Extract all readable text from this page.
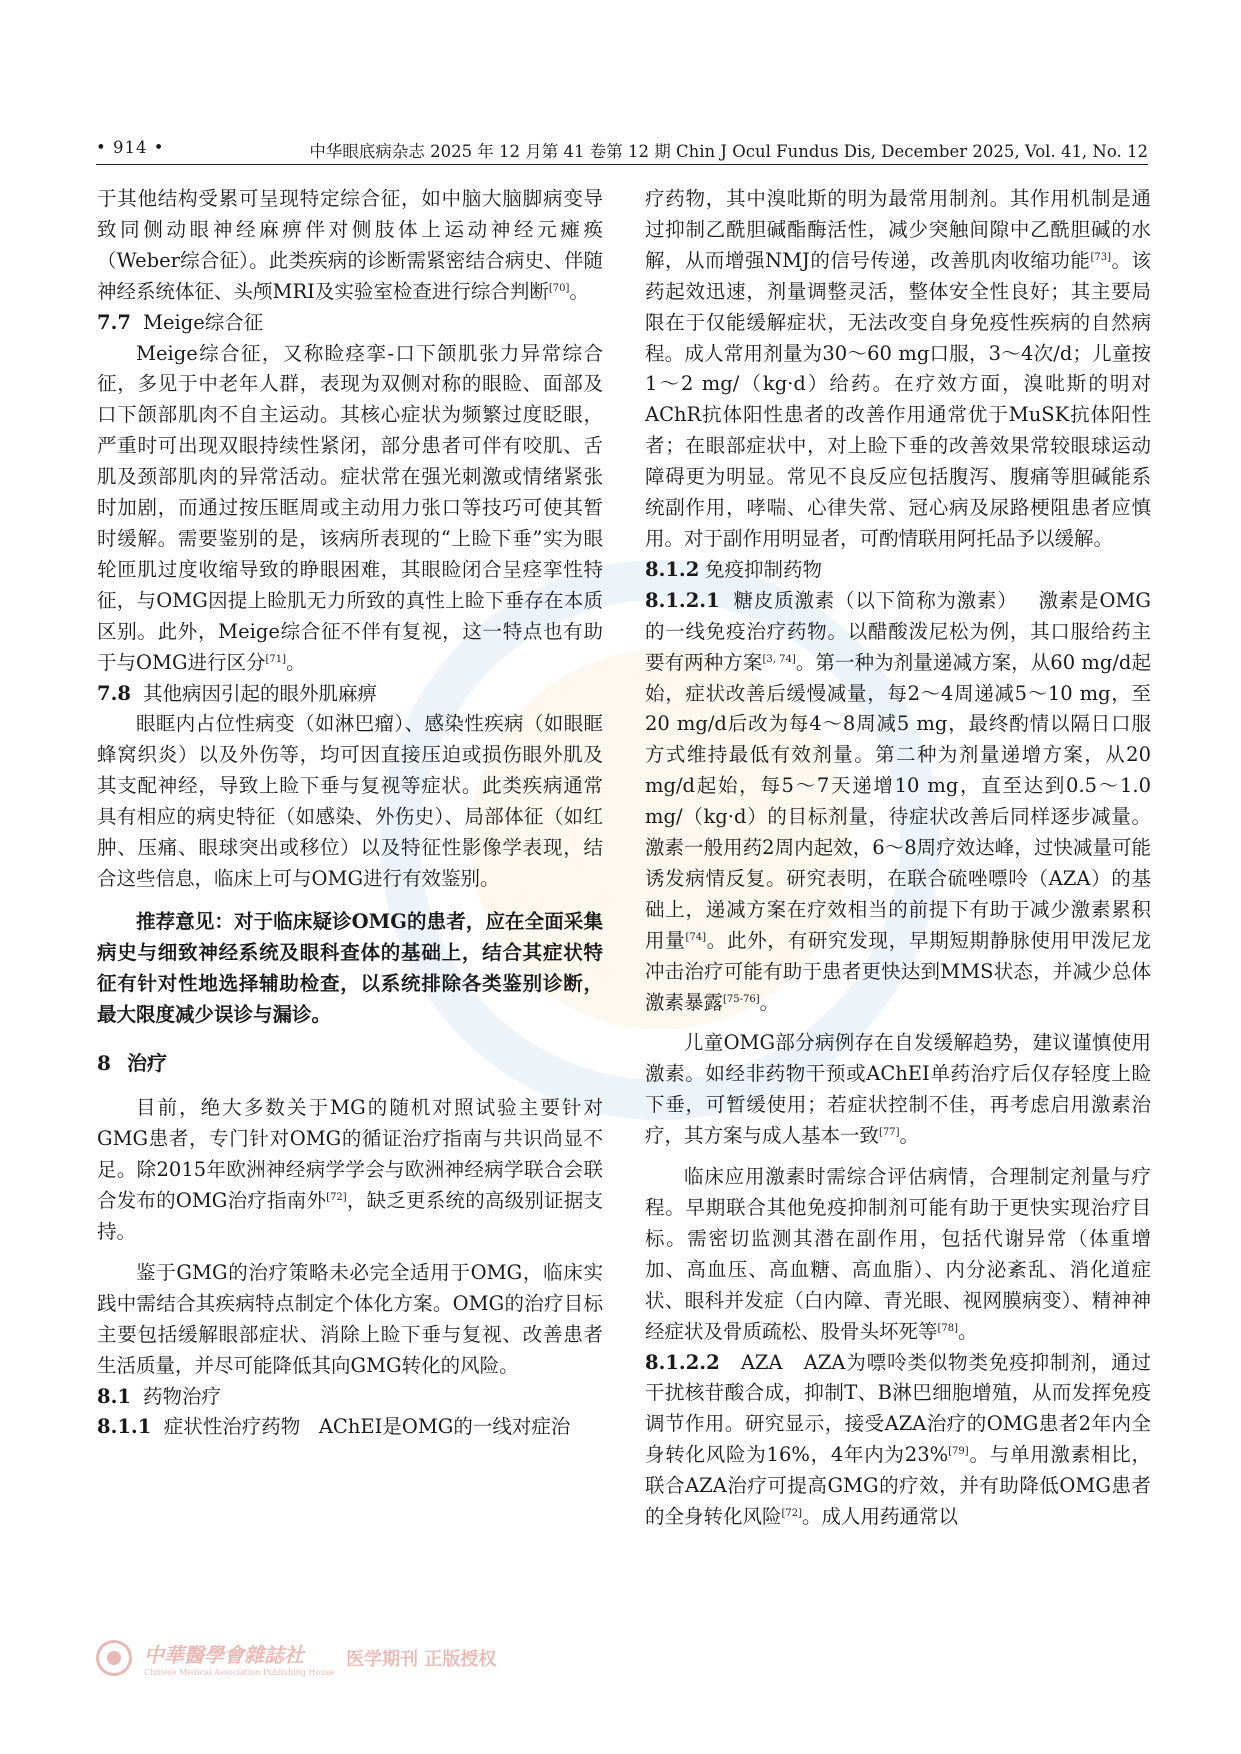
• 914 •	中华眼底病杂志 2025 年 12 月第 41 卷第 12 期 Chin J Ocul Fundus Dis, December 2025, Vol. 41, No. 12

于其他结构受累可呈现特定综合征，如中脑大脑脚病变导致同侧动眼神经麻痹伴对侧肢体上运动神经元瘫痪（Weber综合征）。此类疾病的诊断需紧密结合病史、伴随神经系统体征、头颅MRI及实验室检查进行综合判断[70]。

7.7 Meige综合征

Meige综合征，又称睑痉挛-口下颌肌张力异常综合征，多见于中老年人群，表现为双侧对称的眼睑、面部及口下颌部肌肉不自主运动。其核心症状为频繁过度眨眼，严重时可出现双眼持续性紧闭，部分患者可伴有咬肌、舌肌及颈部肌肉的异常活动。症状常在强光刺激或情绪紧张时加剧，而通过按压眶周或主动用力张口等技巧可使其暂时缓解。需要鉴别的是，该病所表现的“上睑下垂”实为眼轮匝肌过度收缩导致的睁眼困难，其眼睑闭合呈痉挛性特征，与OMG因提上睑肌无力所致的真性上睑下垂存在本质区别。此外，Meige综合征不伴有复视，这一特点也有助于与OMG进行区分[71]。

7.8 其他病因引起的眼外肌麻痹

眼眶内占位性病变（如淋巴瘤）、感染性疾病（如眼眶蜂窝织炎）以及外伤等，均可因直接压迫或损伤眼外肌及其支配神经，导致上睑下垂与复视等症状。此类疾病通常具有相应的病史特征（如感染、外伤史）、局部体征（如红肿、压痛、眼球突出或移位）以及特征性影像学表现，结合这些信息，临床上可与OMG进行有效鉴别。

推荐意见：对于临床疑诊OMG的患者，应在全面采集病史与细致神经系统及眼科查体的基础上，结合其症状特征有针对性地选择辅助检查，以系统排除各类鉴别诊断，最大限度减少误诊与漏诊。

8 治疗

目前，绝大多数关于MG的随机对照试验主要针对GMG患者，专门针对OMG的循证治疗指南与共识尚显不足。除2015年欧洲神经病学学会与欧洲神经病学联合会联合发布的OMG治疗指南外[72]，缺乏更系统的高级别证据支持。

鉴于GMG的治疗策略未必完全适用于OMG，临床实践中需结合其疾病特点制定个体化方案。OMG的治疗目标主要包括缓解眼部症状、消除上睑下垂与复视、改善患者生活质量，并尽可能降低其向GMG转化的风险。

8.1 药物治疗

8.1.1 症状性治疗药物 AChEI是OMG的一线对症治

疗药物，其中溴吡斯的明为最常用制剂。其作用机制是通过抑制乙酰胆碱酯酶活性，减少突触间隙中乙酰胆碱的水解，从而增强NMJ的信号传递，改善肌肉收缩功能[73]。该药起效迅速，剂量调整灵活，整体安全性良好；其主要局限在于仅能缓解症状，无法改变自身免疫性疾病的自然病程。成人常用剂量为30～60 mg口服，3～4次/d；儿童按1～2 mg/（kg·d）给药。在疗效方面，溴吡斯的明对AChR抗体阳性患者的改善作用通常优于MuSK抗体阳性者；在眼部症状中，对上睑下垂的改善效果常较眼球运动障碍更为明显。常见不良反应包括腹泻、腹痛等胆碱能系统副作用，哮喘、心律失常、冠心病及尿路梗阻患者应慎用。对于副作用明显者，可酌情联用阿托品予以缓解。

8.1.2 免疫抑制药物

8.1.2.1 糖皮质激素（以下简称为激素） 激素是OMG的一线免疫治疗药物。以醋酸泼尼松为例，其口服给药主要有两种方案[3, 74]。第一种为剂量递减方案，从60 mg/d起始，症状改善后缓慢减量，每2～4周递减5～10 mg，至20 mg/d后改为每4～8周减5 mg，最终酌情以隔日口服方式维持最低有效剂量。第二种为剂量递增方案，从20 mg/d起始，每5～7天递增10 mg，直至达到0.5～1.0 mg/（kg·d）的目标剂量，待症状改善后同样逐步减量。激素一般用药2周内起效，6～8周疗效达峰，过快减量可能诱发病情反复。研究表明，在联合硫唑嘌呤（AZA）的基础上，递减方案在疗效相当的前提下有助于减少激素累积用量[74]。此外，有研究发现，早期短期静脉使用甲泼尼龙冲击治疗可能有助于患者更快达到MMS状态，并减少总体激素暴露[75-76]。

儿童OMG部分病例存在自发缓解趋势，建议谨慎使用激素。如经非药物干预或AChEI单药治疗后仅存轻度上睑下垂，可暂缓使用；若症状控制不佳，再考虑启用激素治疗，其方案与成人基本一致[77]。

临床应用激素时需综合评估病情，合理制定剂量与疗程。早期联合其他免疫抑制剂可能有助于更快实现治疗目标。需密切监测其潜在副作用，包括代谢异常（体重增加、高血压、高血糖、高血脂）、内分泌紊乱、消化道症状、眼科并发症（白内障、青光眼、视网膜病变）、精神神经症状及骨质疏松、股骨头坏死等[78]。

8.1.2.2 AZA AZA为嘌呤类似物类免疫抑制剂，通过干扰核苷酸合成，抑制T、B淋巴细胞增殖，从而发挥免疫调节作用。研究显示，接受AZA治疗的OMG患者2年内全身转化风险为16%，4年内为23%[79]。与单用激素相比，联合AZA治疗可提高GMG的疗效，并有助降低OMG患者的全身转化风险[72]。成人用药通常以

中華醫學會雜誌社
Chinese Medical Association Publishing House
医学期刊 正版授权
